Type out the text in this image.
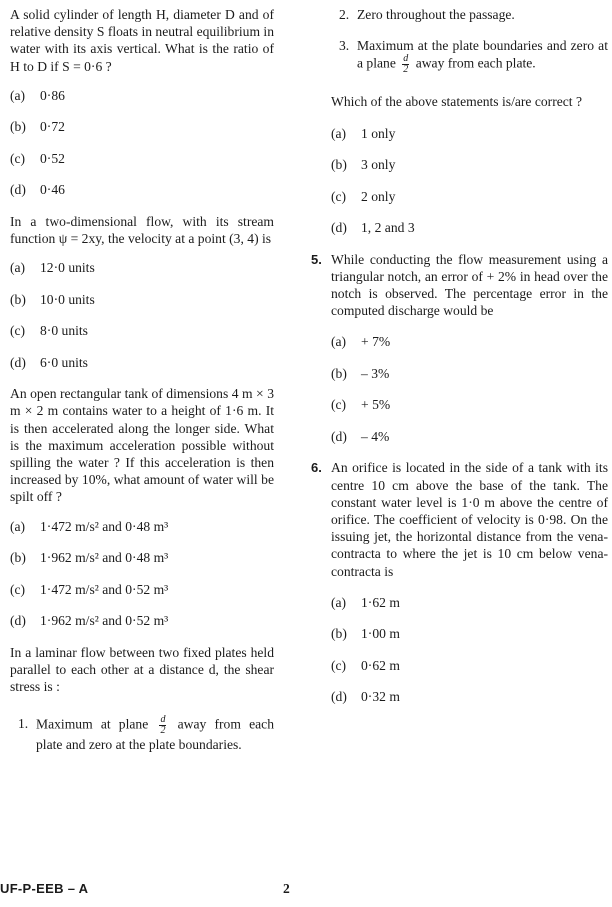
A solid cylinder of length H, diameter D and of relative density S floats in neutral equilibrium in water with its axis vertical. What is the ratio of H to D if S = 0·6 ?
(a)	0·86
(b)	0·72
(c)	0·52
(d)	0·46
In a two-dimensional flow, with its stream function ψ = 2xy, the velocity at a point (3, 4) is
(a)	12·0 units
(b)	10·0 units
(c)	8·0 units
(d)	6·0 units
An open rectangular tank of dimensions 4 m × 3 m × 2 m contains water to a height of 1·6 m. It is then accelerated along the longer side. What is the maximum acceleration possible without spilling the water ? If this acceleration is then increased by 10%, what amount of water will be spilt off ?
(a)	1·472 m/s² and 0·48 m³
(b)	1·962 m/s² and 0·48 m³
(c)	1·472 m/s² and 0·52 m³
(d)	1·962 m/s² and 0·52 m³
In a laminar flow between two fixed plates held parallel to each other at a distance d, the shear stress is :
1. Maximum at plane $\frac{d}{2}$ away from each plate and zero at the plate boundaries.
2. Zero throughout the passage.
3. Maximum at the plate boundaries and zero at a plane $\frac{d}{2}$ away from each plate.
Which of the above statements is/are correct ?
(a)	1 only
(b)	3 only
(c)	2 only
(d)	1, 2 and 3
5. While conducting the flow measurement using a triangular notch, an error of + 2% in head over the notch is observed. The percentage error in the computed discharge would be
(a)	+ 7%
(b)	– 3%
(c)	+ 5%
(d)	– 4%
6. An orifice is located in the side of a tank with its centre 10 cm above the base of the tank. The constant water level is 1·0 m above the centre of orifice. The coefficient of velocity is 0·98. On the issuing jet, the horizontal distance from the vena-contracta to where the jet is 10 cm below vena-contracta is
(a)	1·62 m
(b)	1·00 m
(c)	0·62 m
(d)	0·32 m
UF-P-EEB – A	2
